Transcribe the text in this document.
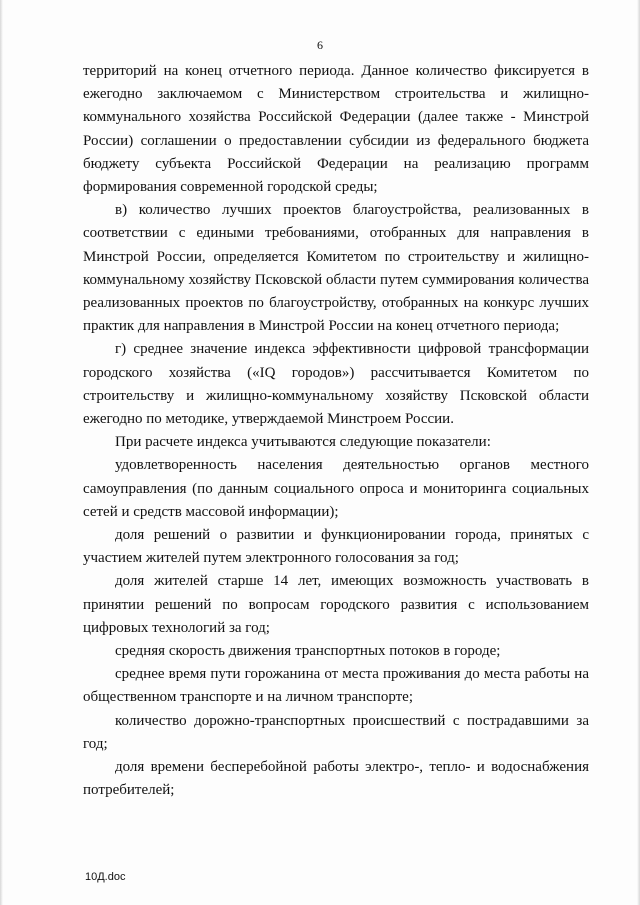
6

территорий на конец отчетного периода. Данное количество фиксируется в ежегодно заключаемом с Министерством строительства и жилищно-коммунального хозяйства Российской Федерации (далее также - Минстрой России) соглашении о предоставлении субсидии из федерального бюджета бюджету субъекта Российской Федерации на реализацию программ формирования современной городской среды;

в) количество лучших проектов благоустройства, реализованных в соответствии с едиными требованиями, отобранных для направления в Минстрой России, определяется Комитетом по строительству и жилищно-коммунальному хозяйству Псковской области путем суммирования количества реализованных проектов по благоустройству, отобранных на конкурс лучших практик для направления в Минстрой России на конец отчетного периода;

г) среднее значение индекса эффективности цифровой трансформации городского хозяйства («IQ городов») рассчитывается Комитетом по строительству и жилищно-коммунальному хозяйству Псковской области ежегодно по методике, утверждаемой Минстроем России.

При расчете индекса учитываются следующие показатели:

удовлетворенность населения деятельностью органов местного самоуправления (по данным социального опроса и мониторинга социальных сетей и средств массовой информации);

доля решений о развитии и функционировании города, принятых с участием жителей путем электронного голосования за год;

доля жителей старше 14 лет, имеющих возможность участвовать в принятии решений по вопросам городского развития с использованием цифровых технологий за год;

средняя скорость движения транспортных потоков в городе;

среднее время пути горожанина от места проживания до места работы на общественном транспорте и на личном транспорте;

количество дорожно-транспортных происшествий с пострадавшими за год;

доля времени бесперебойной работы электро-, тепло- и водоснабжения потребителей;

10Д.doc
